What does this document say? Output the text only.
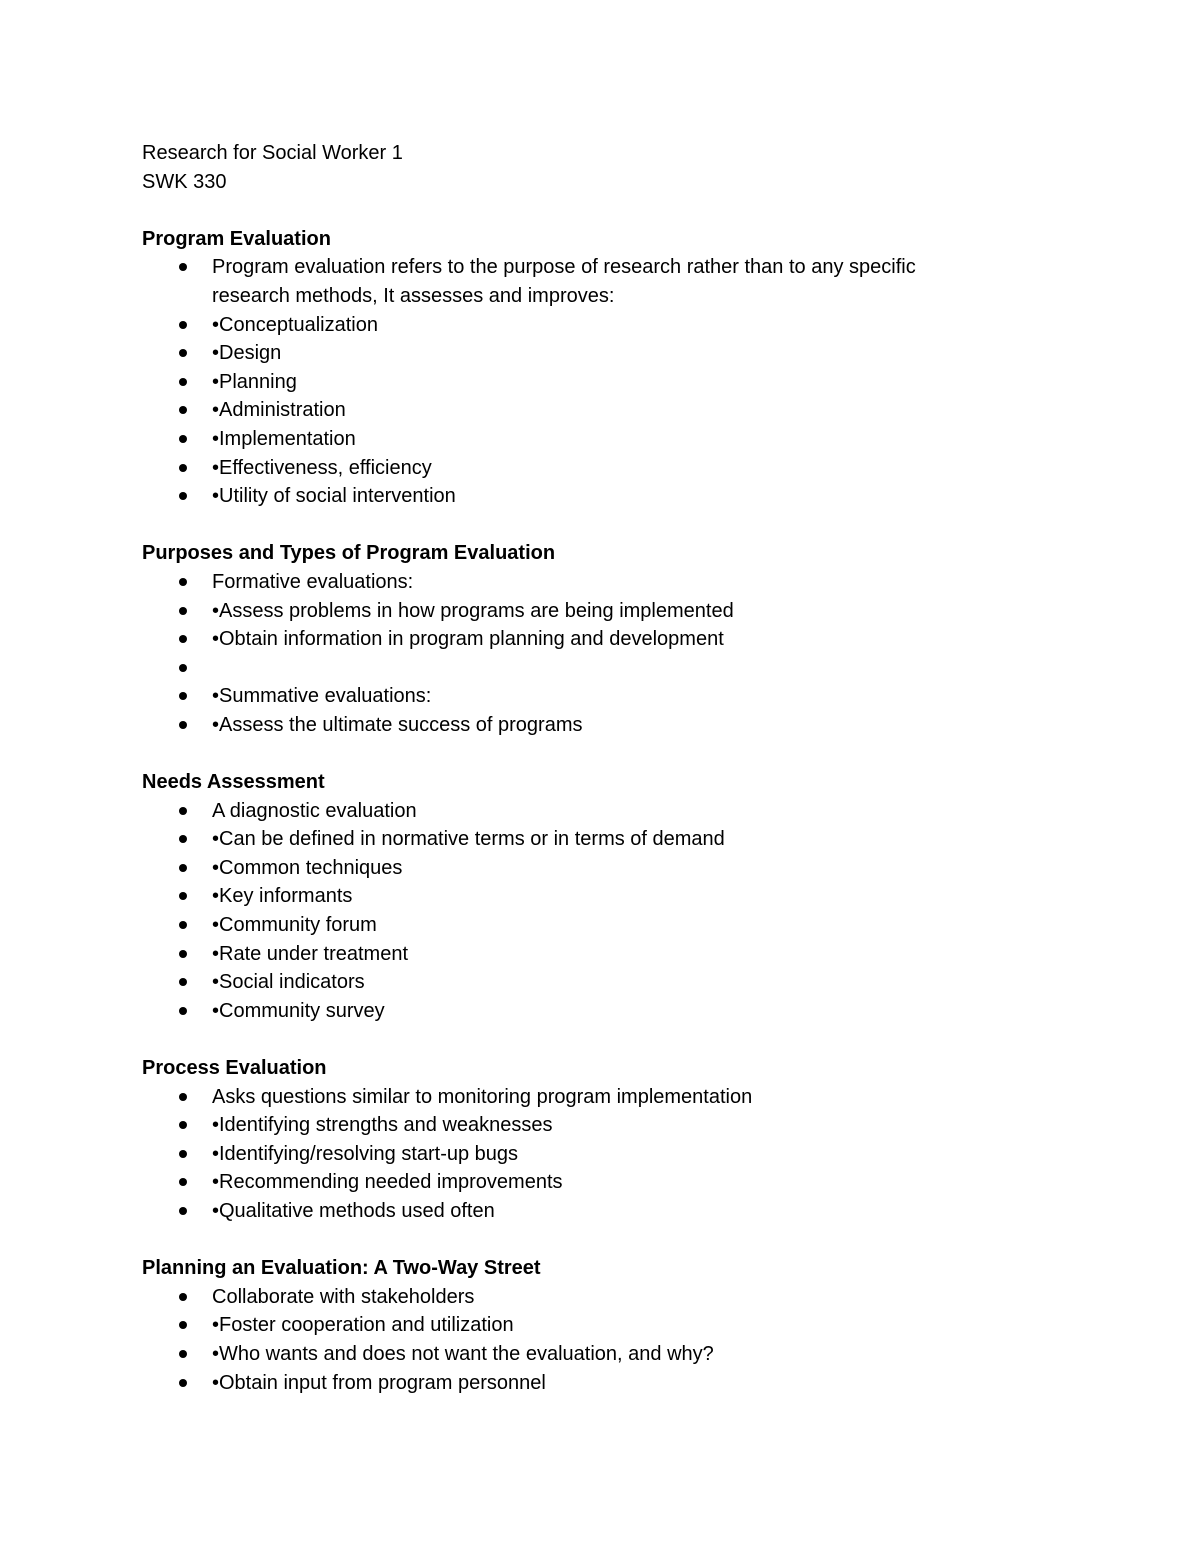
Research for Social Worker 1
SWK 330
Program Evaluation
Program evaluation refers to the purpose of research rather than to any specific research methods, It assesses and improves:
•Conceptualization
•Design
•Planning
•Administration
•Implementation
•Effectiveness, efficiency
•Utility of social intervention
Purposes and Types of Program Evaluation
Formative evaluations:
•Assess problems in how programs are being implemented
•Obtain information in program planning and development
•Summative evaluations:
•Assess the ultimate success of programs
Needs Assessment
A diagnostic evaluation
•Can be defined in normative terms or in terms of demand
•Common techniques
•Key informants
•Community forum
•Rate under treatment
•Social indicators
•Community survey
Process Evaluation
Asks questions similar to monitoring program implementation
•Identifying strengths and weaknesses
•Identifying/resolving start-up bugs
•Recommending needed improvements
•Qualitative methods used often
Planning an Evaluation: A Two-Way Street
Collaborate with stakeholders
•Foster cooperation and utilization
•Who wants and does not want the evaluation, and why?
•Obtain input from program personnel
